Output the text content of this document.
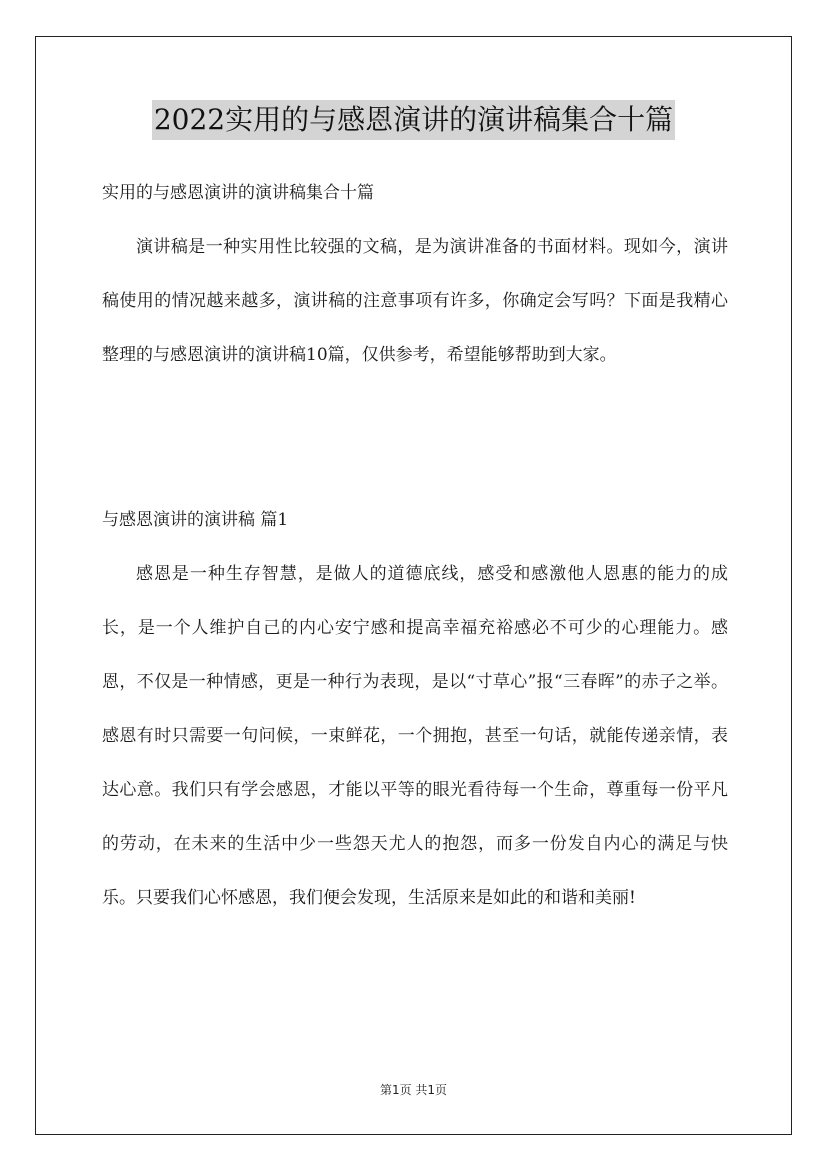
2022实用的与感恩演讲的演讲稿集合十篇
实用的与感恩演讲的演讲稿集合十篇

演讲稿是一种实用性比较强的文稿，是为演讲准备的书面材料。现如今，演讲稿使用的情况越来越多，演讲稿的注意事项有许多，你确定会写吗？下面是我精心整理的与感恩演讲的演讲稿10篇，仅供参考，希望能够帮助到大家。

与感恩演讲的演讲稿 篇1

感恩是一种生存智慧，是做人的道德底线，感受和感激他人恩惠的能力的成长，是一个人维护自己的内心安宁感和提高幸福充裕感必不可少的心理能力。感恩，不仅是一种情感，更是一种行为表现，是以“寸草心”报“三春晖”的赤子之举。感恩有时只需要一句问候，一束鲜花，一个拥抱，甚至一句话，就能传递亲情，表达心意。我们只有学会感恩，才能以平等的眼光看待每一个生命，尊重每一份平凡的劳动，在未来的生活中少一些怨天尤人的抱怨，而多一份发自内心的满足与快乐。只要我们心怀感恩，我们便会发现，生活原来是如此的和谐和美丽!

第1页 共1页
